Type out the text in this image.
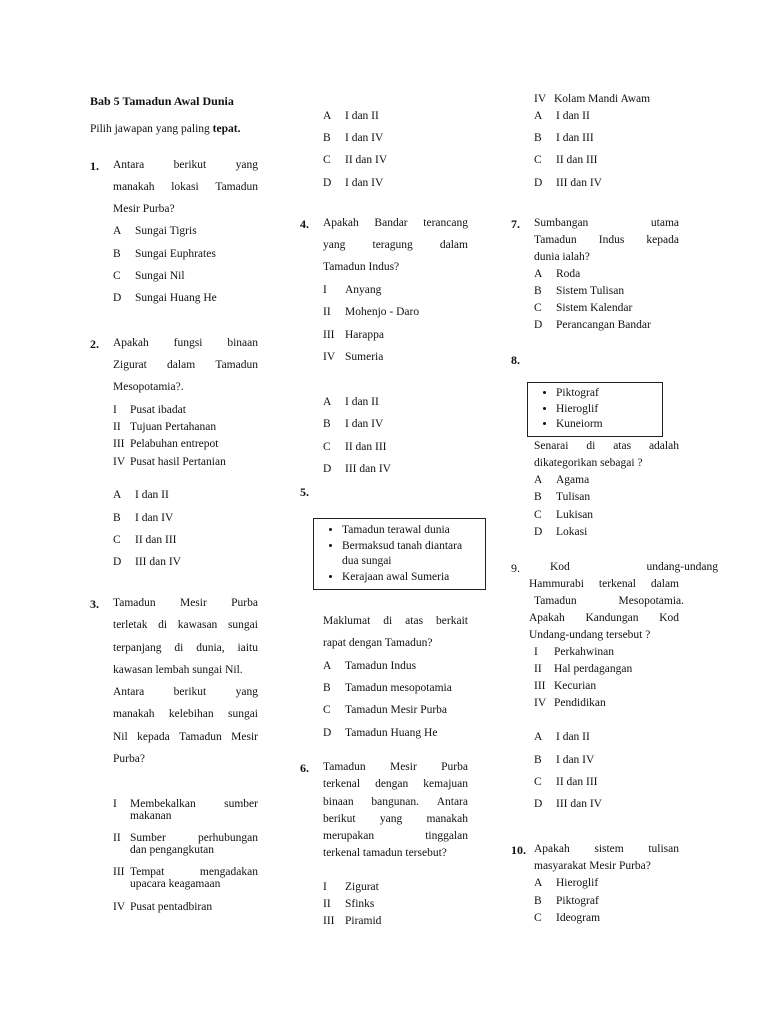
Bab 5 Tamadun Awal Dunia
Pilih jawapan yang paling tepat.
1. Antara	berikut	yang
manakah lokasi Tamadun
Mesir Purba?
A Sungai Tigris
B Sungai Euphrates
C Sungai Nil
D Sungai Huang He
2. Apakah fungsi binaan
Zigurat dalam Tamadun
Mesopotamia?.
I Pusat ibadat
II Tujuan Pertahanan
III Pelabuhan entrepot
IV Pusat hasil Pertanian
A I dan II
B I dan IV
C II dan III
D III dan IV
3. Tamadun Mesir Purba
terletak di kawasan sungai
terpanjang di dunia, iaitu
kawasan lembah sungai Nil.
Antara	berikut	yang
manakah kelebihan sungai
Nil kepada Tamadun Mesir
Purba?
I Membekalkan sumber
makanan
II Sumber	perhubungan
dan pengangkutan
III Tempat	mengadakan
upacara keagamaan
IV Pusat pentadbiran
A I dan II
B I dan IV
C II dan IV
D I dan IV
4. Apakah Bandar terancang
yang teragung dalam
Tamadun Indus?
I Anyang
II Mohenjo - Daro
III Harappa
IV Sumeria
A I dan II
B I dan IV
C II dan III
D III dan IV
5.
• Tamadun terawal dunia
• Bermaksud tanah diantara dua sungai
• Kerajaan awal Sumeria
Maklumat di atas berkait
rapat dengan Tamadun?
A Tamadun Indus
B Tamadun mesopotamia
C Tamadun Mesir Purba
D Tamadun Huang He
6. Tamadun Mesir Purba
terkenal dengan kemajuan
binaan bangunan. Antara
berikut yang manakah
merupakan	tinggalan
terkenal tamadun tersebut?
I Zigurat
II Sfinks
III Piramid
IV Kolam Mandi Awam
A I dan II
B I dan III
C II dan III
D III dan IV
7. Sumbangan	utama
Tamadun Indus kepada
dunia ialah?
A Roda
B Sistem Tulisan
C Sistem Kalendar
D Perancangan Bandar
8.
• Piktograf
• Hieroglif
• Kuneiorm
Senarai di atas adalah
dikategorikan sebagai ?
A Agama
B Tulisan
C Lukisan
D Lokasi
9.	Kod	undang-undang
Hammurabi terkenal dalam
Tamadun	Mesopotamia.
Apakah Kandungan Kod
Undang-undang tersebut ?
I Perkahwinan
II Hal perdagangan
III Kecurian
IV Pendidikan
A I dan II
B I dan IV
C II dan III
D III dan IV
10. Apakah sistem tulisan
masyarakat Mesir Purba?
A Hieroglif
B Piktograf
C Ideogram
